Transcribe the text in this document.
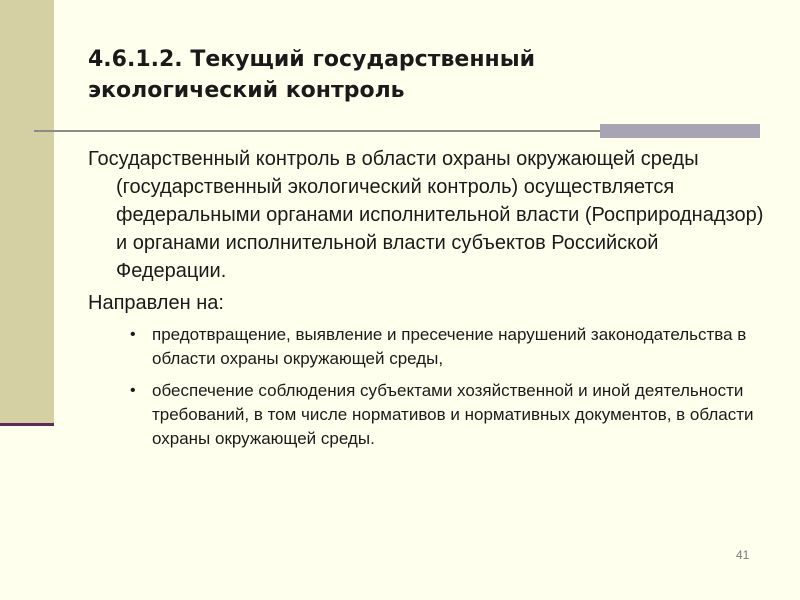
4.6.1.2. Текущий государственный экологический контроль

Государственный контроль в области охраны окружающей среды (государственный экологический контроль) осуществляется федеральными органами исполнительной власти (Росприроднадзор) и органами исполнительной власти субъектов Российской Федерации.

Направлен на:

• предотвращение, выявление и пресечение нарушений законодательства в области охраны окружающей среды,
• обеспечение соблюдения субъектами хозяйственной и иной деятельности требований, в том числе нормативов и нормативных документов, в области охраны окружающей среды.
41
